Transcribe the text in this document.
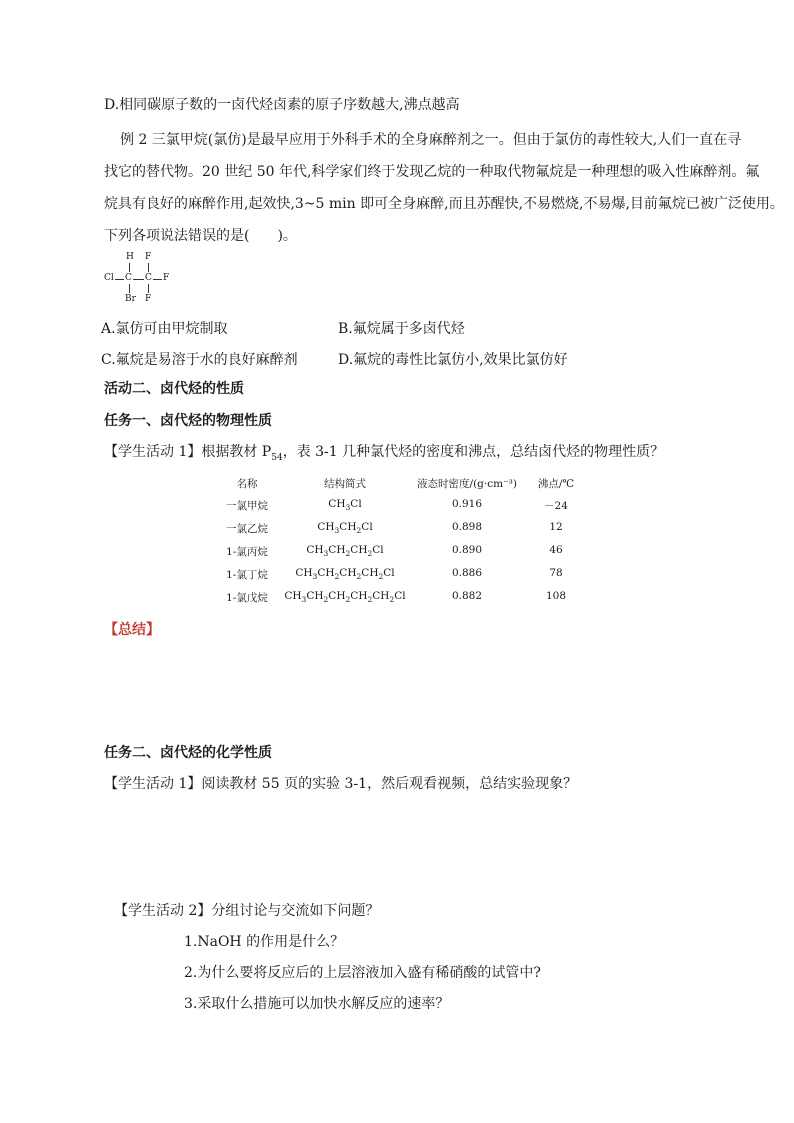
D.相同碳原子数的一卤代烃卤素的原子序数越大,沸点越高
例 2 三氯甲烷(氯仿)是最早应用于外科手术的全身麻醉剂之一。但由于氯仿的毒性较大,人们一直在寻
找它的替代物。20 世纪 50 年代,科学家们终于发现乙烷的一种取代物氟烷是一种理想的吸入性麻醉剂。氟
烷具有良好的麻醉作用,起效快,3~5 min 即可全身麻醉,而且苏醒快,不易燃烧,不易爆,目前氟烷已被广泛使用。
下列各项说法错误的是(　　)。
H F
Cl C C F
Br F
A.氯仿可由甲烷制取	B.氟烷属于多卤代烃
C.氟烷是易溶于水的良好麻醉剂	D.氟烷的毒性比氯仿小,效果比氯仿好
活动二、卤代烃的性质
任务一、卤代烃的物理性质
【学生活动 1】根据教材 $P_{54}$，表 3-1 几种氯代烃的密度和沸点，总结卤代烃的物理性质？
名称	结构简式	液态时密度/(g·cm⁻³)	沸点/℃
一氯甲烷	$CH_3Cl$	0.916	－24
一氯乙烷	$CH_3CH_2Cl$	0.898	12
1-氯丙烷	$CH_3CH_2CH_2Cl$	0.890	46
1-氯丁烷	$CH_3CH_2CH_2CH_2Cl$	0.886	78
1-氯戊烷	$CH_3CH_2CH_2CH_2CH_2Cl$	0.882	108
【总结】
任务二、卤代烃的化学性质
【学生活动 1】阅读教材 55 页的实验 3-1，然后观看视频，总结实验现象？
【学生活动 2】分组讨论与交流如下问题？
1.NaOH 的作用是什么？
2.为什么要将反应后的上层溶液加入盛有稀硝酸的试管中?
3.采取什么措施可以加快水解反应的速率？
